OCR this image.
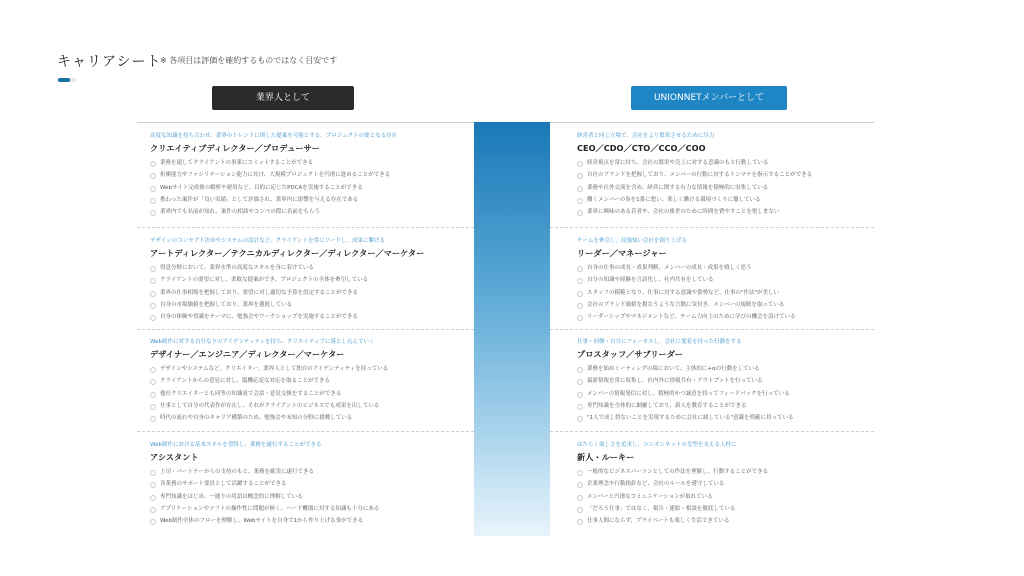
キャリアシート
※ 各項目は評価を確約するものではなく目安です
業界人として	UNIONNETメンバーとして
高度な知識を持ち合わせ、業界のトレンドに則した提案を可能とする、プロジェクトの要となる存在
クリエイティブディレクター／プロデューサー
業務を通してクライアントの事業にコミットすることができる
折衝能力やファシリテーション能力に長け、大規模プロジェクトを円滑に進めることができる
Webサイト完成後の解析や運用など、目的に応じたPDCAを実施することができる
携わった案件が「良い実績」として評価され、業界内に影響を与える存在である
業界内でも名前が知れ、案件の相談やコンペの際に名前をもらう
デザインのコンセプト決めやシステムの設計など、クライアントを常にリードし、成果に繋げる
アートディレクター／テクニカルディレクター／ディレクター／マーケター
得意分野において、業界水準の高度なスキルを身に着けている
クライアントの要望に対し、柔軟な提案ができ、プロジェクトの全体を牽引している
業界の仕事相場を把握しており、要望に対し適切な予算を設定することができる
自身の市場価値を把握しており、業界を邁進している
自身の体験や得識をテーマに、勉強会やワークショップを実施することができる
Web制作に対する自分なりのアイデンティティを持ち、クリエイティブに落とし込んでいく
デザイナー／エンジニア／ディレクター／マーケター
デザインやシステムなど、クリエイター、業界人として独自のアイデンティティを持っている
クライアントからの意見に対し、臨機応変な対応を取ることができる
他社クリエイターとも同等の知識量で会話・意見交換をすることができる
仕事として自分の代表作が存在し、それがクライアントのビジネスでも成果を出している
時代の流れや自身のキャリア構築のため、勉強会や未知の分野に挑戦している
Web制作における基本スキルを習得し、業務を遂行することができる
アシスタント
上司・パートナーからの支持のもと、業務を確実に遂行できる
各業務のサポート要員として活躍することができる
専門知識をはじめ、一通りの用語は概念的に理解している
アプリケーションやソフトの操作性に問題が無く、ハード機器に対する知識も十分にある
Web制作全体のフローを理解し、Webサイトを自身で1から作り上げる事ができる
経営者と同じ立場で、会社をより繁栄させるために尽力
CEO／CDO／CTO／CCO／COO
経営視点を常に持ち、会社の繁栄や売上に対する意識のもと行動している
自社のブランドを把握しており、メンバーの行動に対するトンマナを指示することができる
業務や社外交流を含め、経営に関する有力な情報を積極的に収集している
働くメンバーの事を1番に想い、楽しく働ける環境づくりに徹している
業界に興味のある若者や、会社の後世のために時間を費やすことを惜しまない
チームを牽引し、屈強強い会社を創り上げる
リーダー／マネージャー
自身の仕事の成長・成果判断、メンバーの成長・成果を嬉しく思う
自分の知識や経験を言語化し、社内共有をしている
スタッフの模範となり、仕事に対する意識や姿勢など、仕事の"作法"が美しい
会社のブランド価値を損なうような言動に気付き、メンバーの規制を取っている
リーダーシップやマネジメントなど、チーム力向上のために学びの機会を設けている
仕事・同僚・自分にフォーカスし、会社に愛着を持った行動をする
プロスタッフ／サブリーダー
業務を始めミーティングの場において、主体的に+αの行動をしている
最新情報を常に収集し、社内外に情報共有・アウトプットを行っている
メンバーの情報発信に対し、積極的かつ誠意を持ってフィードバックを行っている
専門知識を全体的に網羅しており、新人を教育することができる
"1人で成し得ないことを実現するために会社に属している"意識を明確に持っている
はたらく楽しさを追求し、ユニオンネットの皇型を支える人材に
新人・ルーキー
一般的なビジネスパーソンとしての作法を理解し、行動することができる
企業理念や行動指針など、会社のルールを遵守している
メンバーと円滑なコミュニケーションが取れている
「だろう仕事」ではなく、報告・連絡・相談を徹底している
仕事人間にならず、プライベートも楽しく生活できている
